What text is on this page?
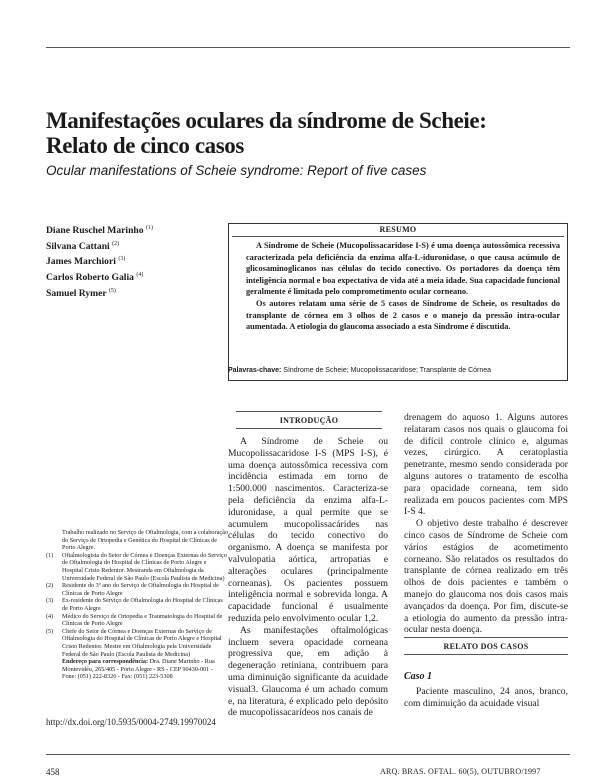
Manifestações oculares da síndrome de Scheie:
Relato de cinco casos
Ocular manifestations of Scheie syndrome: Report of five cases
Diane Ruschel Marinho $^{(1)}$
Silvana Cattani $^{(2)}$
James Marchiori $^{(3)}$
Carlos Roberto Galia $^{(4)}$
Samuel Rymer $^{(5)}$
RESUMO

A Síndrome de Scheie (Mucopolissacaridose I-S) é uma doença autossômica recessiva caracterizada pela deficiência da enzima alfa-L-iduronidase, o que causa acúmulo de glicosaminoglicanos nas células do tecido conectivo. Os portadores da doença têm inteligência normal e boa expectativa de vida até a meia idade. Sua capacidade funcional geralmente é limitada pelo comprometimento ocular corneano.

Os autores relatam uma série de 5 casos de Síndrome de Scheie, os resultados do transplante de córnea em 3 olhos de 2 casos e o manejo da pressão intra-ocular aumentada. A etiologia do glaucoma associado a esta Síndrome é discutida.

Palavras-chave: Síndrome de Scheie; Mucopolissacaridose; Transplante de Córnea
INTRODUÇÃO

A Síndrome de Scheie ou Mucopolissacaridose I-S (MPS I-S), é uma doença autossômica recessiva com incidência estimada em torno de 1:500.000 nascimentos. Caracteriza-se pela deficiência da enzima alfa-L-iduronidase, a qual permite que se acumulem mucopolissacárides nas células do tecido conectivo do organismo. A doença se manifesta por valvulopatia aórtica, artropatias e alterações oculares (principalmente corneanas). Os pacientes possuem inteligência normal e sobrevida longa. A capacidade funcional é usualmente reduzida pelo envolvimento ocular 1,2.

As manifestações oftalmológicas incluem severa opacidade corneana progressiva que, em adição à degeneração retiniana, contribuem para uma diminuição significante da acuidade visual3. Glaucoma é um achado comum e, na literatura, é explicado pelo depósito de mucopolissacarídeos nos canais de

drenagem do aquoso 1. Alguns autores relataram casos nos quais o glaucoma foi de difícil controle clínico e, algumas vezes, cirúrgico. A ceratoplastia penetrante, mesmo sendo considerada por alguns autores o tratamento de escolha para opacidade corneana, tem sido realizada em poucos pacientes com MPS I-S 4.

O objetivo deste trabalho é descrever cinco casos de Síndrome de Scheie com vários estágios de acometimento corneano. São relatados os resultados do transplante de córnea realizado em três olhos de dois pacientes e também o manejo do glaucoma nos dois casos mais avançados da doença. Por fim, discute-se a etiologia do aumento da pressão intra-ocular nesta doença.

RELATO DOS CASOS
Caso 1

Paciente masculino, 24 anos, branco, com diminuição da acuidade visual

Trabalho realizado no Serviço de Oftalmologia, com a colaboração do Serviço de Ortopedia e Genética do Hospital de Clínicas de Porto Alegre.
(1) Oftalmologista do Setor de Córnea e Doenças Externas do Serviço de Oftalmologia do Hospital de Clínicas de Porto Alegre e Hospital Cristo Redentor. Mestranda em Oftalmologia da Universidade Federal de São Paulo (Escola Paulista de Medicina)
(2) Residente do 3º ano do Serviço de Oftalmologia do Hospital de Clínicas de Porto Alegre
(3) Ex-residente do Serviço de Oftalmologia do Hospital de Clínicas de Porto Alegre
(4) Médico do Serviço de Ortopedia e Traumatologia do Hospital de Clínicas de Porto Alegre
(5) Chefe do Setor de Córnea e Doenças Externas do Serviço de Oftalmologia do Hospital de Clínicas de Porto Alegre e Hospital Cristo Redentor. Mestre em Oftalmologia pela Universidade Federal de São Paulo (Escola Paulista de Medicina)
Endereço para correspondência: Dra. Diane Marinho - Rua Montevidéu, 265/405 - Porto Alegre - RS - CEP 90430-001 - Fone: (051) 222-8326 - Fax: (051) 223-5308
http://dx.doi.org/10.5935/0004-2749.19970024
458	ARQ. BRAS. OFTAL. 60(5), OUTUBRO/1997
